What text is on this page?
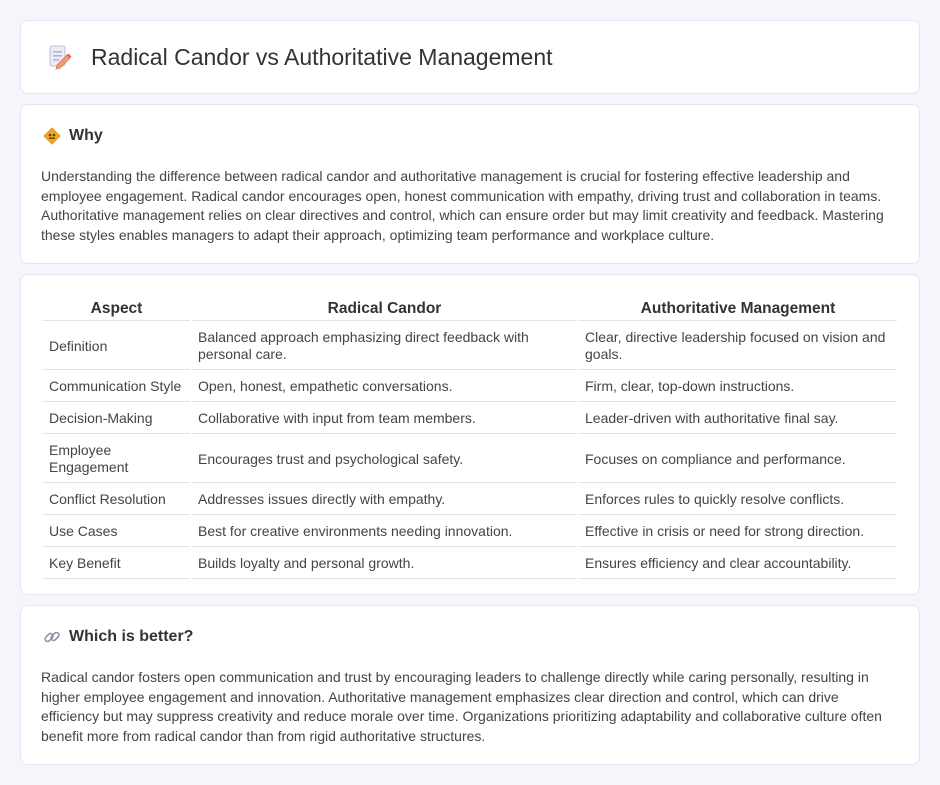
Radical Candor vs Authoritative Management
Why

Understanding the difference between radical candor and authoritative management is crucial for fostering effective leadership and employee engagement. Radical candor encourages open, honest communication with empathy, driving trust and collaboration in teams. Authoritative management relies on clear directives and control, which can ensure order but may limit creativity and feedback. Mastering these styles enables managers to adapt their approach, optimizing team performance and workplace culture.

Aspect	Radical Candor	Authoritative Management
Definition	Balanced approach emphasizing direct feedback with personal care.	Clear, directive leadership focused on vision and goals.
Communication Style	Open, honest, empathetic conversations.	Firm, clear, top-down instructions.
Decision-Making	Collaborative with input from team members.	Leader-driven with authoritative final say.
Employee Engagement	Encourages trust and psychological safety.	Focuses on compliance and performance.
Conflict Resolution	Addresses issues directly with empathy.	Enforces rules to quickly resolve conflicts.
Use Cases	Best for creative environments needing innovation.	Effective in crisis or need for strong direction.
Key Benefit	Builds loyalty and personal growth.	Ensures efficiency and clear accountability.
Which is better?

Radical candor fosters open communication and trust by encouraging leaders to challenge directly while caring personally, resulting in higher employee engagement and innovation. Authoritative management emphasizes clear direction and control, which can drive efficiency but may suppress creativity and reduce morale over time. Organizations prioritizing adaptability and collaborative culture often benefit more from radical candor than from rigid authoritative structures.
